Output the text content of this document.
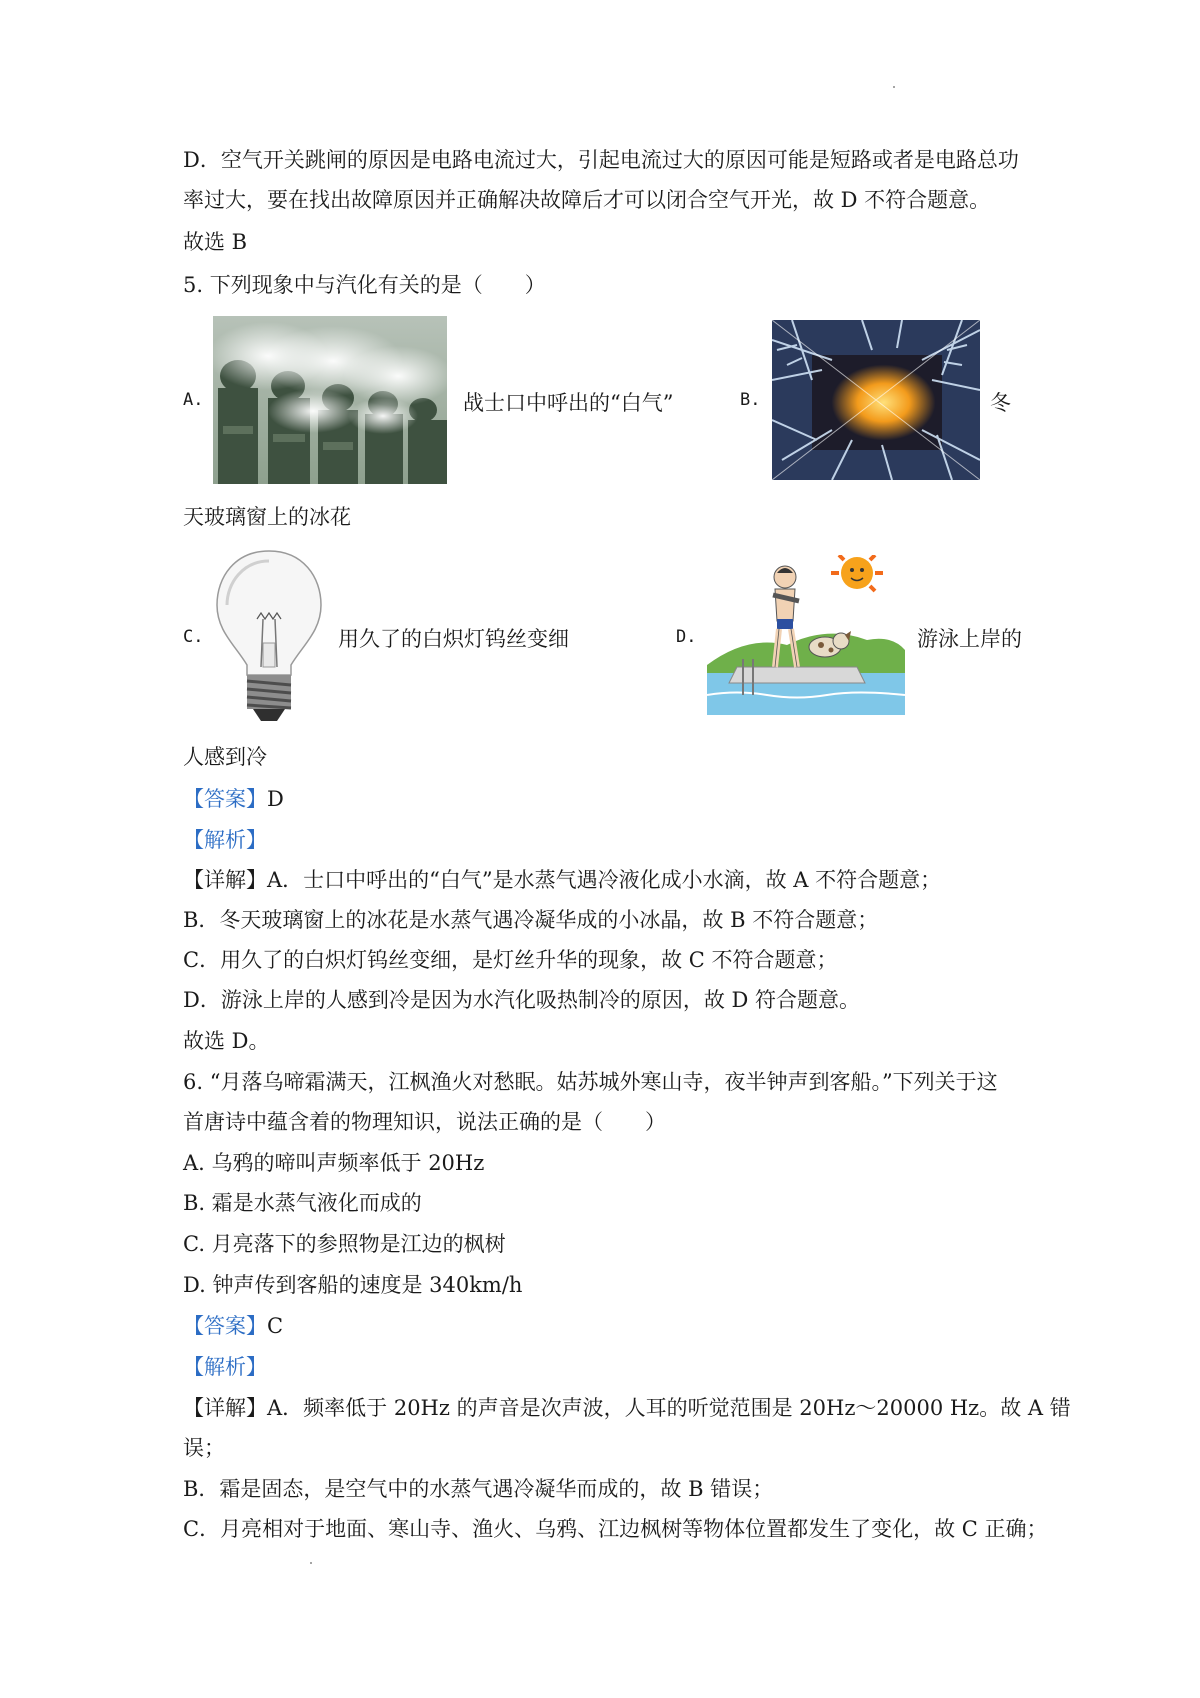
D．空气开关跳闸的原因是电路电流过大，引起电流过大的原因可能是短路或者是电路总功
率过大，要在找出故障原因并正确解决故障后才可以闭合空气开光，故 D 不符合题意。
故选 B
5. 下列现象中与汽化有关的是（　　）
A.	战士口中呼出的“白气”	B.	冬
天玻璃窗上的冰花
C.	用久了的白炽灯钨丝变细	D.	游泳上岸的
人感到冷
【答案】D
【解析】
【详解】A．士口中呼出的“白气”是水蒸气遇冷液化成小水滴，故 A 不符合题意；
B．冬天玻璃窗上的冰花是水蒸气遇冷凝华成的小冰晶，故 B 不符合题意；
C．用久了的白炽灯钨丝变细，是灯丝升华的现象，故 C 不符合题意；
D．游泳上岸的人感到冷是因为水汽化吸热制冷的原因，故 D 符合题意。
故选 D。
6. “月落乌啼霜满天，江枫渔火对愁眠。姑苏城外寒山寺，夜半钟声到客船。”下列关于这
首唐诗中蕴含着的物理知识，说法正确的是（　　）
A. 乌鸦的啼叫声频率低于 20Hz
B. 霜是水蒸气液化而成的
C. 月亮落下的参照物是江边的枫树
D. 钟声传到客船的速度是 340km/h
【答案】C
【解析】
【详解】A．频率低于 20Hz 的声音是次声波，人耳的听觉范围是 20Hz～20000 Hz。故 A 错
误；
B．霜是固态，是空气中的水蒸气遇冷凝华而成的，故 B 错误；
C．月亮相对于地面、寒山寺、渔火、乌鸦、江边枫树等物体位置都发生了变化，故 C 正确；
